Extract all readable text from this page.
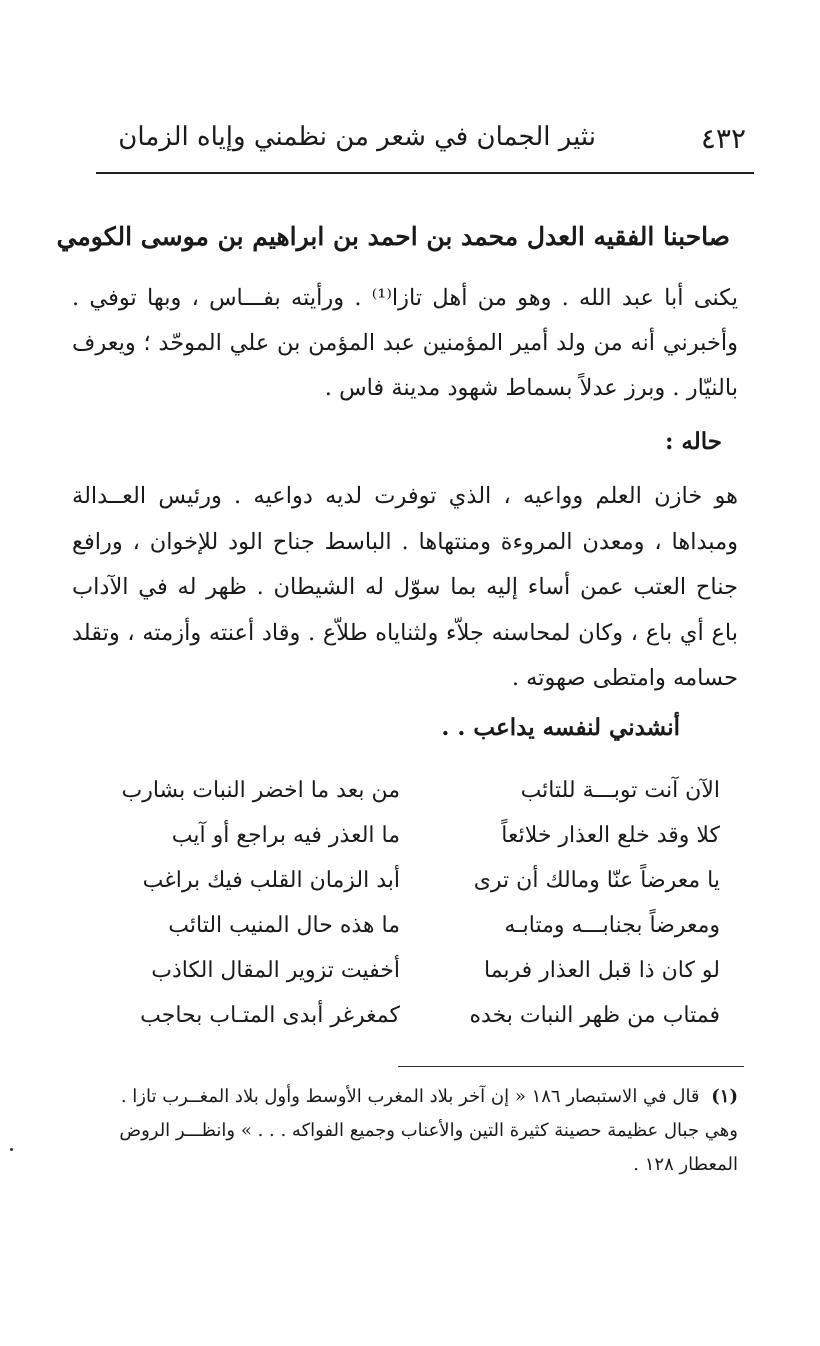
٤٣٢
نثير الجمان في شعر من نظمني وإياه الزمان
صاحبنا الفقيه العدل محمد بن احمد بن ابراهيم بن موسى الكومي
يكنى أبا عبد الله . وهو من أهل تازا⁽¹⁾ . ورأيته بفـــاس ، وبها توفي . وأخبرني أنه من ولد أمير المؤمنين عبد المؤمن بن علي الموحّد ؛ ويعرف بالنيّار . وبرز عدلاً بسماط شهود مدينة فاس .
حاله :
هو خازن العلم وواعيه ، الذي توفرت لديه دواعيه . ورئيس العــدالة ومبداها ، ومعدن المروءة ومنتهاها . الباسط جناح الود للإخوان ، ورافع جناح العتب عمن أساء إليه بما سوّل له الشيطان . ظهر له في الآداب باع أي باع ، وكان لمحاسنه جلاّء ولثناياه طلاّع . وقاد أعنته وأزمته ، وتقلد حسامه وامتطى صهوته .
أنشدني لنفسه يداعب . .
الآن آنت توبـــة للتائب
من بعد ما اخضر النبات بشارب
كلا وقد خلع العذار خلائعاً
ما العذر فيه براجع أو آيب
يا معرضاً عنّا ومالك أن ترى
أبد الزمان القلب فيك براغب
ومعرضاً بجنابـــه ومتابـه
ما هذه حال المنيب التائب
لو كان ذا قبل العذار فربما
أخفيت تزوير المقال الكاذب
فمتاب من ظهر النبات بخده
كمغرغر أبدى المتـاب بحاجب
(١) قال في الاستبصار ١٨٦ « إن آخر بلاد المغرب الأوسط وأول بلاد المغــرب تازا . وهي جبال عظيمة حصينة كثيرة التين والأعناب وجميع الفواكه . . . » وانظـــر الروض المعطار ١٢٨ .
